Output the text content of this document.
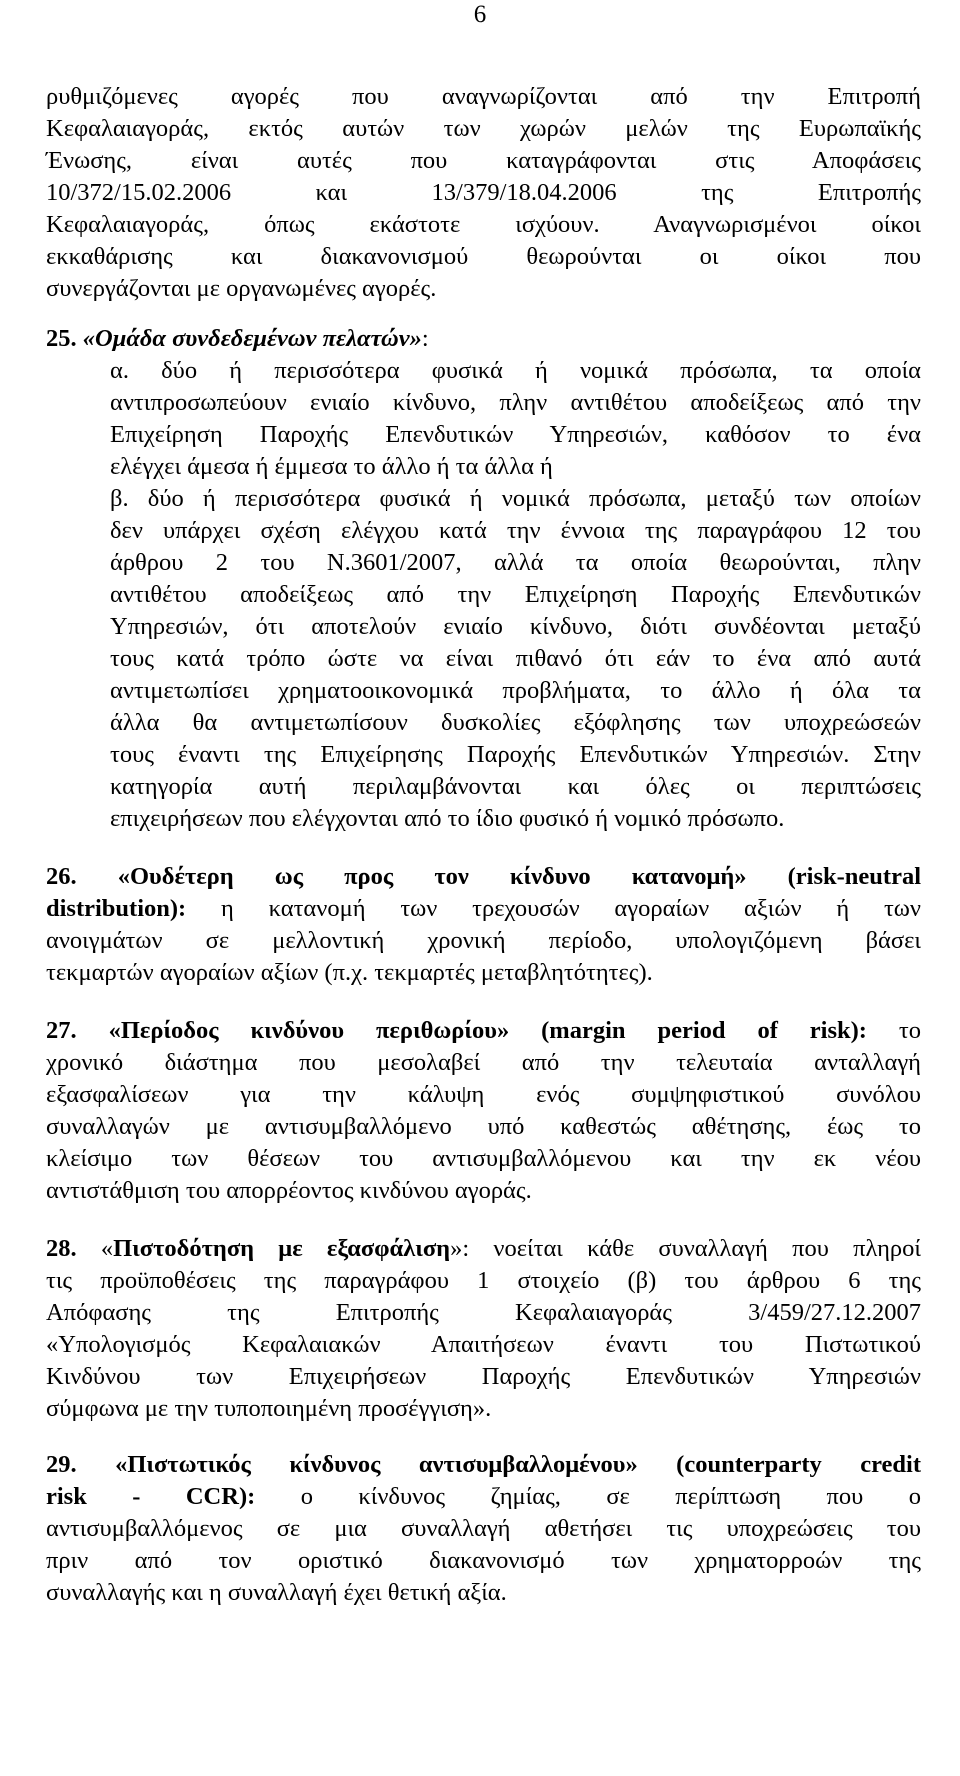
6
ρυθμιζόμενες αγορές που αναγνωρίζονται από την Επιτροπή
Κεφαλαιαγοράς, εκτός αυτών των χωρών μελών της Ευρωπαϊκής
Ένωσης, είναι αυτές που καταγράφονται στις Αποφάσεις
10/372/15.02.2006 και 13/379/18.04.2006 της Επιτροπής
Κεφαλαιαγοράς, όπως εκάστοτε ισχύουν. Αναγνωρισμένοι οίκοι
εκκαθάρισης και διακανονισμού θεωρούνται οι οίκοι που
συνεργάζονται με οργανωμένες αγορές.
25. «Ομάδα συνδεδεμένων πελατών»:
α. δύο ή περισσότερα φυσικά ή νομικά πρόσωπα, τα οποία
αντιπροσωπεύουν ενιαίο κίνδυνο, πλην αντιθέτου αποδείξεως από την
Επιχείρηση Παροχής Επενδυτικών Υπηρεσιών, καθόσον το ένα
ελέγχει άμεσα ή έμμεσα το άλλο ή τα άλλα ή
β. δύο ή περισσότερα φυσικά ή νομικά πρόσωπα, μεταξύ των οποίων
δεν υπάρχει σχέση ελέγχου κατά την έννοια της παραγράφου 12 του
άρθρου 2 του Ν.3601/2007, αλλά τα οποία θεωρούνται, πλην
αντιθέτου αποδείξεως από την Επιχείρηση Παροχής Επενδυτικών
Υπηρεσιών, ότι αποτελούν ενιαίο κίνδυνο, διότι συνδέονται μεταξύ
τους κατά τρόπο ώστε να είναι πιθανό ότι εάν το ένα από αυτά
αντιμετωπίσει χρηματοοικονομικά προβλήματα, το άλλο ή όλα τα
άλλα θα αντιμετωπίσουν δυσκολίες εξόφλησης των υποχρεώσεών
τους έναντι της Επιχείρησης Παροχής Επενδυτικών Υπηρεσιών. Στην
κατηγορία αυτή περιλαμβάνονται και όλες οι περιπτώσεις
επιχειρήσεων που ελέγχονται από το ίδιο φυσικό ή νομικό πρόσωπο.
26. «Ουδέτερη ως προς τον κίνδυνο κατανομή» (risk-neutral
distribution): η κατανομή των τρεχουσών αγοραίων αξιών ή των
ανοιγμάτων σε μελλοντική χρονική περίοδο, υπολογιζόμενη βάσει
τεκμαρτών αγοραίων αξίων (π.χ. τεκμαρτές μεταβλητότητες).
27. «Περίοδος κινδύνου περιθωρίου» (margin period of risk): το
χρονικό διάστημα που μεσολαβεί από την τελευταία ανταλλαγή
εξασφαλίσεων για την κάλυψη ενός συμψηφιστικού συνόλου
συναλλαγών με αντισυμβαλλόμενο υπό καθεστώς αθέτησης, έως το
κλείσιμο των θέσεων του αντισυμβαλλόμενου και την εκ νέου
αντιστάθμιση του απορρέοντος κινδύνου αγοράς.
28. «Πιστοδότηση με εξασφάλιση»: νοείται κάθε συναλλαγή που πληροί
τις προϋποθέσεις της παραγράφου 1 στοιχείο (β) του άρθρου 6 της
Απόφασης της Επιτροπής Κεφαλαιαγοράς 3/459/27.12.2007
«Υπολογισμός Κεφαλαιακών Απαιτήσεων έναντι του Πιστωτικού
Κινδύνου των Επιχειρήσεων Παροχής Επενδυτικών Υπηρεσιών
σύμφωνα με την τυποποιημένη προσέγγιση».
29. «Πιστωτικός κίνδυνος αντισυμβαλλομένου» (counterparty credit
risk - CCR): ο κίνδυνος ζημίας, σε περίπτωση που ο
αντισυμβαλλόμενος σε μια συναλλαγή αθετήσει τις υποχρεώσεις του
πριν από τον οριστικό διακανονισμό των χρηματορροών της
συναλλαγής και η συναλλαγή έχει θετική αξία.
